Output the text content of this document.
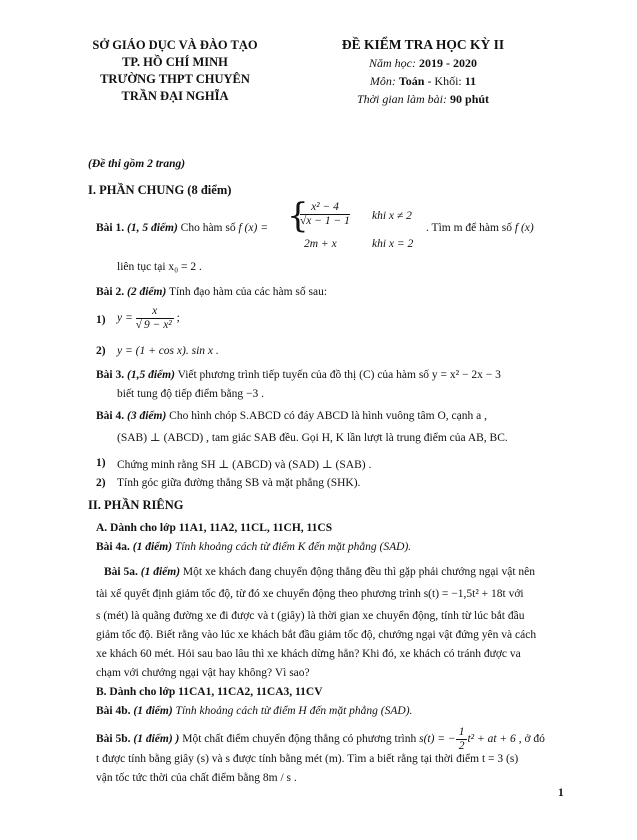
SỞ GIÁO DỤC VÀ ĐÀO TẠO
TP. HỒ CHÍ MINH
TRƯỜNG THPT CHUYÊN
TRẦN ĐẠI NGHĨA
ĐỀ KIỂM TRA HỌC KỲ II
Năm học: 2019 - 2020
Môn: Toán - Khối: 11
Thời gian làm bài: 90 phút
(Đề thi gồm 2 trang)
I. PHẦN CHUNG (8 điểm)
Bài 1. (1, 5 điểm) Cho hàm số f (x) = {
$\frac{\text{x² − 4}}{√x - 1 - 1}$ khi x ≠ 2
2m + x	khi x = 2
. Tìm m để hàm số f (x)
liên tục tại x₀ = 2 .
Bài 2. (2 điểm) Tính đạo hàm của các hàm số sau:
1) $y = \frac{x}{\text{√ 9 − x²}}$ ;
2) y = (1 + cos x). sin x .
Bài 3. (1,5 điểm) Viết phương trình tiếp tuyến của đồ thị (C) của hàm số y = x² − 2x − 3
biết tung độ tiếp điểm bằng −3 .
Bài 4. (3 điểm) Cho hình chóp S.ABCD có đáy ABCD là hình vuông tâm O, cạnh a ,
(SAB) ⊥ (ABCD) , tam giác SAB đều. Gọi H, K lần lượt là trung điểm của AB, BC.
1) Chứng minh rằng SH ⊥ (ABCD) và (SAD) ⊥ (SAB) .
2) Tính góc giữa đường thẳng SB và mặt phẳng (SHK).
II. PHẦN RIÊNG
A. Dành cho lớp 11A1, 11A2, 11CL, 11CH, 11CS
Bài 4a. (1 điểm) Tính khoảng cách từ điểm K đến mặt phẳng (SAD).
Bài 5a. (1 điểm) Một xe khách đang chuyển động thẳng đều thì gặp phải chướng ngại vật nên
tài xế quyết định giảm tốc độ, từ đó xe chuyển động theo phương trình s(t) = −1,5t² + 18t với
s (mét) là quãng đường xe đi được và t (giây) là thời gian xe chuyển động, tính từ lúc bắt đầu
giảm tốc độ. Biết rằng vào lúc xe khách bắt đầu giảm tốc độ, chướng ngại vật đứng yên và cách
xe khách 60 mét. Hỏi sau bao lâu thì xe khách dừng hẳn? Khi đó, xe khách có tránh được va
chạm với chướng ngại vật hay không? Vì sao?
B. Dành cho lớp 11CA1, 11CA2, 11CA3, 11CV
Bài 4b. (1 điểm) Tính khoảng cách từ điểm H đến mặt phẳng (SAD).
Bài 5b. (1 điểm) ) Một chất điểm chuyển động thẳng có phương trình s(t) = − $\frac{1}{2} t^2$ + at + 6 , ở đó
t được tính bằng giây (s) và s được tính bằng mét (m). Tìm a biết rằng tại thời điểm t = 3 (s)
vận tốc tức thời của chất điểm bằng 8m / s .
1
